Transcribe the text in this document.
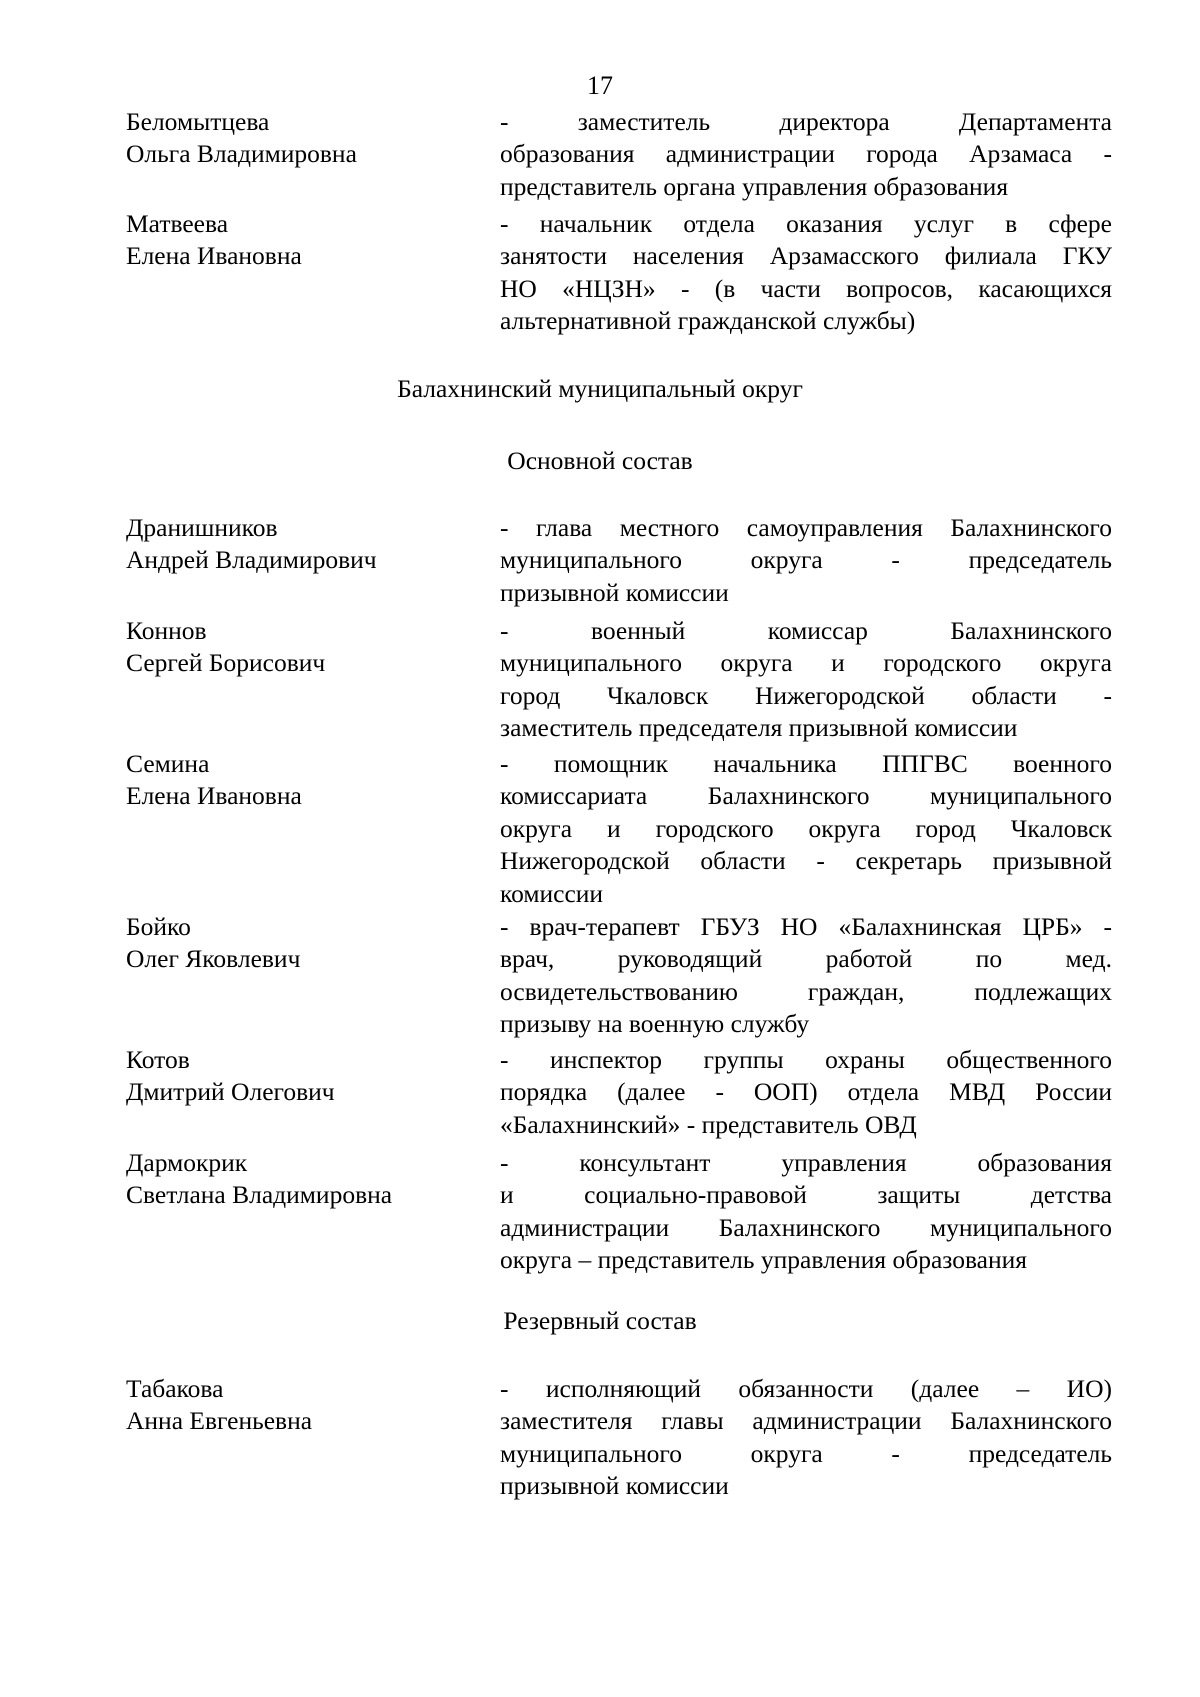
17
Беломытцева
Ольга Владимировна
- заместитель директора Департамента
образования администрации города Арзамаса -
представитель органа управления образования
Матвеева
Елена Ивановна
- начальник отдела оказания услуг в сфере
занятости населения Арзамасского филиала ГКУ
НО «НЦЗН» - (в части вопросов, касающихся
альтернативной гражданской службы)
Балахнинский муниципальный округ
Основной состав
Дранишников
Андрей Владимирович
- глава местного самоуправления Балахнинского
муниципального округа - председатель
призывной комиссии
Коннов
Сергей Борисович
- военный комиссар Балахнинского
муниципального округа и городского округа
город Чкаловск Нижегородской области -
заместитель председателя призывной комиссии
Семина
Елена Ивановна
- помощник начальника ППГВС военного
комиссариата Балахнинского муниципального
округа и городского округа город Чкаловск
Нижегородской области - секретарь призывной
комиссии
Бойко
Олег Яковлевич
- врач-терапевт ГБУЗ НО «Балахнинская ЦРБ» -
врач, руководящий работой по мед.
освидетельствованию граждан, подлежащих
призыву на военную службу
Котов
Дмитрий Олегович
- инспектор группы охраны общественного
порядка (далее - ООП) отдела МВД России
«Балахнинский» - представитель ОВД
Дармокрик
Светлана Владимировна
- консультант управления образования
и социально-правовой защиты детства
администрации Балахнинского муниципального
округа – представитель управления образования
Резервный состав
Табакова
Анна Евгеньевна
- исполняющий обязанности (далее – ИО)
заместителя главы администрации Балахнинского
муниципального округа - председатель
призывной комиссии
